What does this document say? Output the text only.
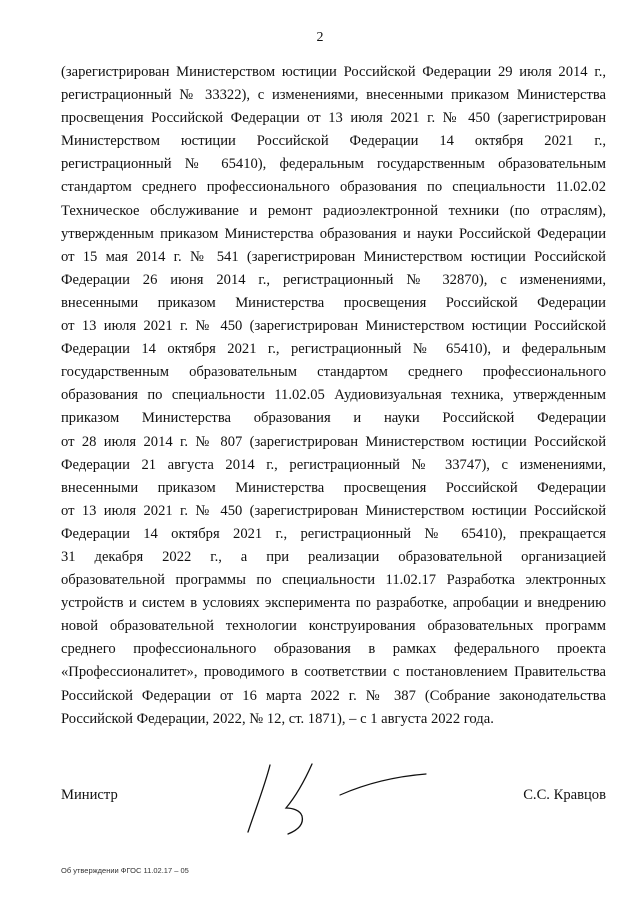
2
(зарегистрирован Министерством юстиции Российской Федерации 29 июля 2014 г.,
регистрационный № 33322), с изменениями, внесенными приказом Министерства
просвещения Российской Федерации от 13 июля 2021 г. № 450 (зарегистрирован
Министерством юстиции Российской Федерации 14 октября 2021 г.,
регистрационный № 65410), федеральным государственным образовательным
стандартом среднего профессионального образования по специальности 11.02.02
Техническое обслуживание и ремонт радиоэлектронной техники (по отраслям),
утвержденным приказом Министерства образования и науки Российской Федерации
от 15 мая 2014 г. № 541 (зарегистрирован Министерством юстиции Российской
Федерации 26 июня 2014 г., регистрационный № 32870), с изменениями,
внесенными приказом Министерства просвещения Российской Федерации
от 13 июля 2021 г. № 450 (зарегистрирован Министерством юстиции Российской
Федерации 14 октября 2021 г., регистрационный № 65410), и федеральным
государственным образовательным стандартом среднего профессионального
образования по специальности 11.02.05 Аудиовизуальная техника, утвержденным
приказом Министерства образования и науки Российской Федерации
от 28 июля 2014 г. № 807 (зарегистрирован Министерством юстиции Российской
Федерации 21 августа 2014 г., регистрационный № 33747), с изменениями,
внесенными приказом Министерства просвещения Российской Федерации
от 13 июля 2021 г. № 450 (зарегистрирован Министерством юстиции Российской
Федерации 14 октября 2021 г., регистрационный № 65410), прекращается
31 декабря 2022 г., а при реализации образовательной организацией
образовательной программы по специальности 11.02.17 Разработка электронных
устройств и систем в условиях эксперимента по разработке, апробации и внедрению
новой образовательной технологии конструирования образовательных программ
среднего профессионального образования в рамках федерального проекта
«Профессионалитет», проводимого в соответствии с постановлением Правительства
Российской Федерации от 16 марта 2022 г. № 387 (Собрание законодательства
Российской Федерации, 2022, № 12, ст. 1871), – с 1 августа 2022 года.
Министр	С.С. Кравцов
Об утверждении ФГОС 11.02.17 – 05
